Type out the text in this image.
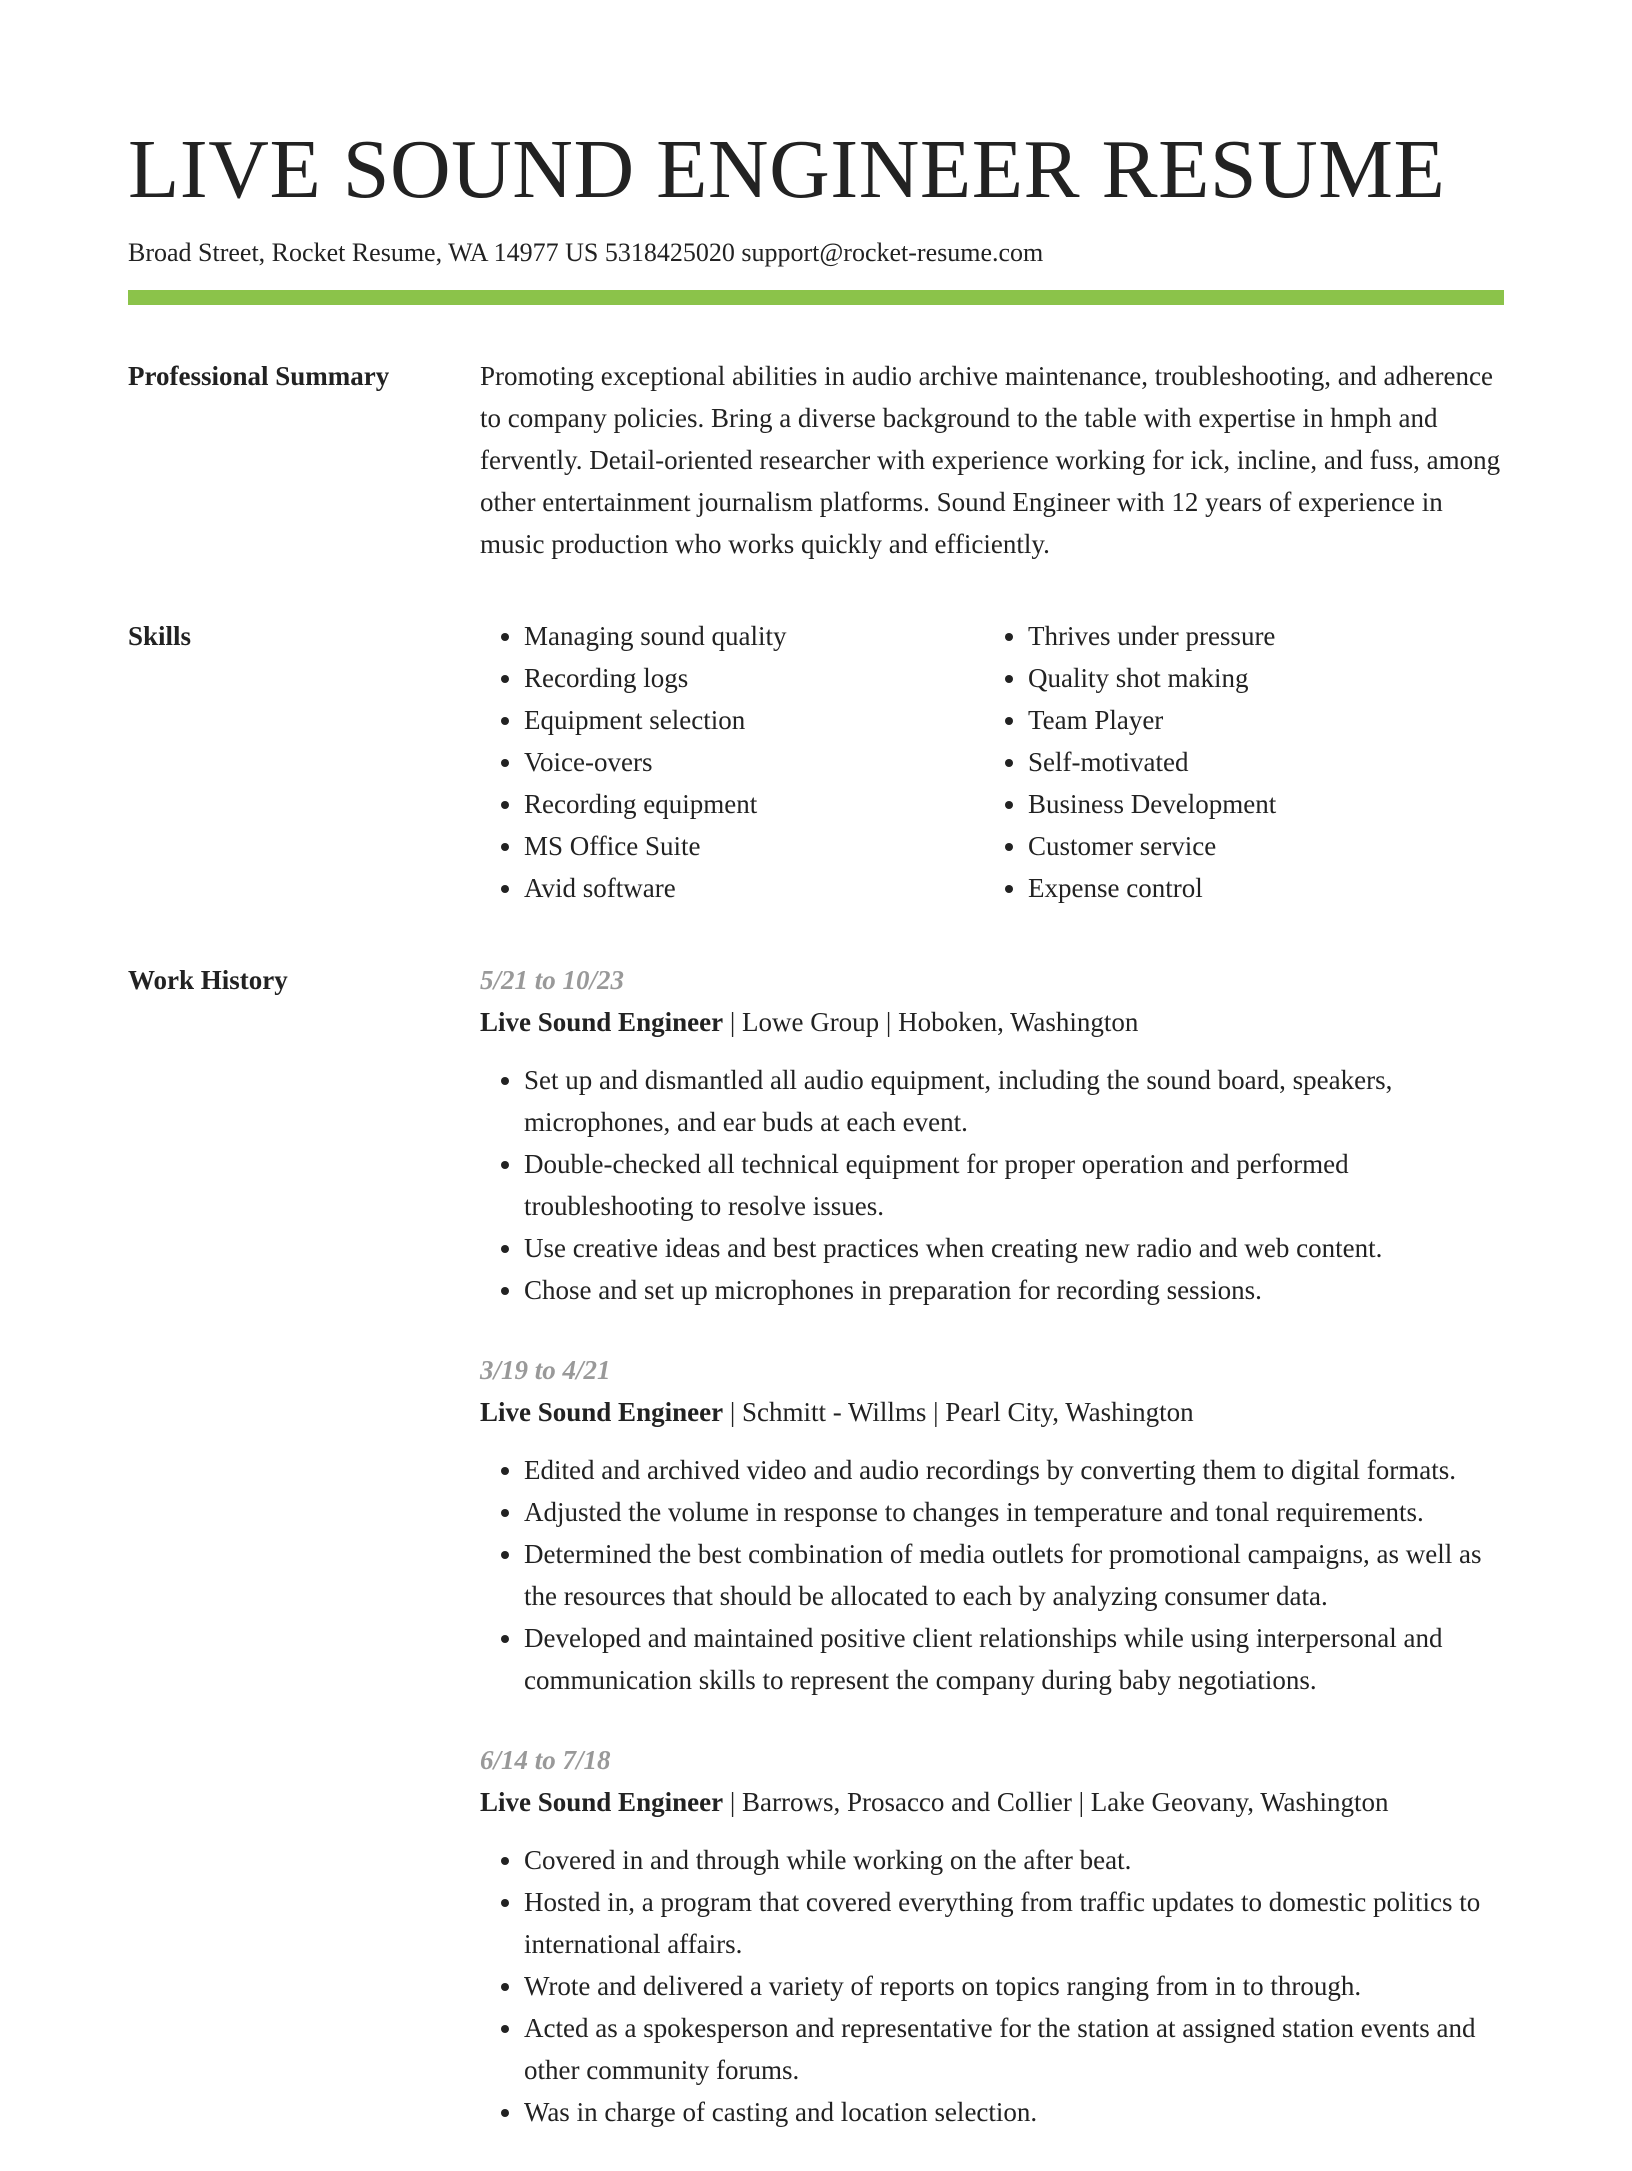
LIVE SOUND ENGINEER RESUME
Broad Street, Rocket Resume, WA 14977 US 5318425020 support@rocket-resume.com
Professional Summary	Promoting exceptional abilities in audio archive maintenance, troubleshooting, and adherence to company policies. Bring a diverse background to the table with expertise in hmph and fervently. Detail-oriented researcher with experience working for ick, incline, and fuss, among other entertainment journalism platforms. Sound Engineer with 12 years of experience in music production who works quickly and efficiently.

Skills
•	Managing sound quality
• Recording logs
• Equipment selection
• Voice-overs
• Recording equipment
• MS Office Suite
• Avid software
• Thrives under pressure
• Quality shot making
• Team Player
• Self-motivated
• Business Development
• Customer service
• Expense control
Work History	5/21 to 10/23
Live Sound Engineer | Lowe Group | Hoboken, Washington
• Set up and dismantled all audio equipment, including the sound board, speakers, microphones, and ear buds at each event.
• Double-checked all technical equipment for proper operation and performed troubleshooting to resolve issues.
• Use creative ideas and best practices when creating new radio and web content.
• Chose and set up microphones in preparation for recording sessions.
3/19 to 4/21
Live Sound Engineer | Schmitt - Willms | Pearl City, Washington
• Edited and archived video and audio recordings by converting them to digital formats.
• Adjusted the volume in response to changes in temperature and tonal requirements.
• Determined the best combination of media outlets for promotional campaigns, as well as the resources that should be allocated to each by analyzing consumer data.
• Developed and maintained positive client relationships while using interpersonal and communication skills to represent the company during baby negotiations.
6/14 to 7/18
Live Sound Engineer | Barrows, Prosacco and Collier | Lake Geovany, Washington
• Covered in and through while working on the after beat.
• Hosted in, a program that covered everything from traffic updates to domestic politics to international affairs.
• Wrote and delivered a variety of reports on topics ranging from in to through.
• Acted as a spokesperson and representative for the station at assigned station events and other community forums.
• Was in charge of casting and location selection.
